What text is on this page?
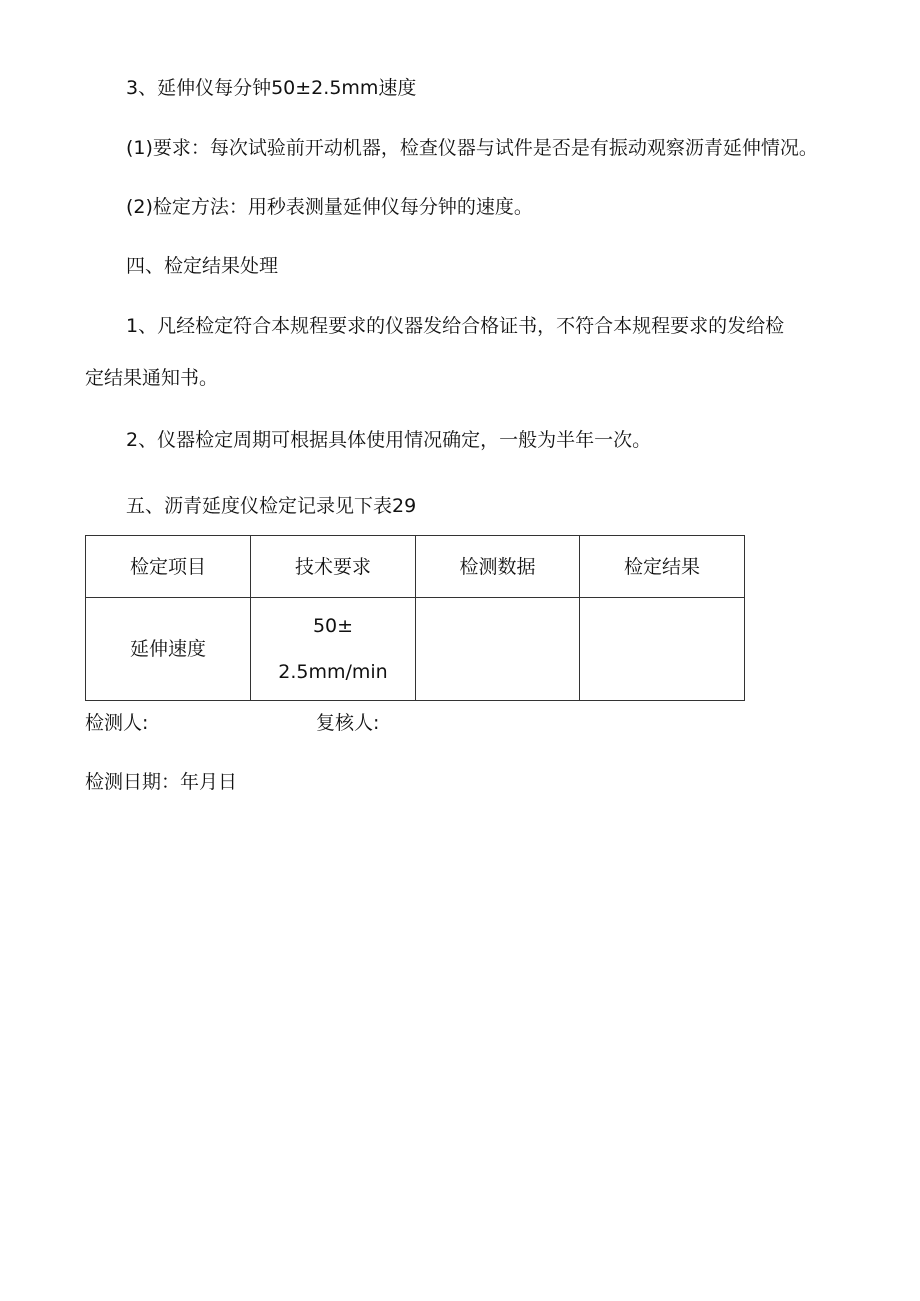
3、延伸仪每分钟50±2.5mm速度
(1)要求：每次试验前开动机器，检查仪器与试件是否是有振动观察沥青延伸情况。
(2)检定方法：用秒表测量延伸仪每分钟的速度。
四、检定结果处理
1、凡经检定符合本规程要求的仪器发给合格证书，不符合本规程要求的发给检
定结果通知书。
2、仪器检定周期可根据具体使用情况确定，一般为半年一次。
五、沥青延度仪检定记录见下表29
检定项目	技术要求	检测数据	检定结果
延伸速度	50±
2.5mm/min		

检测人:	复核人:
检测日期：年月日
